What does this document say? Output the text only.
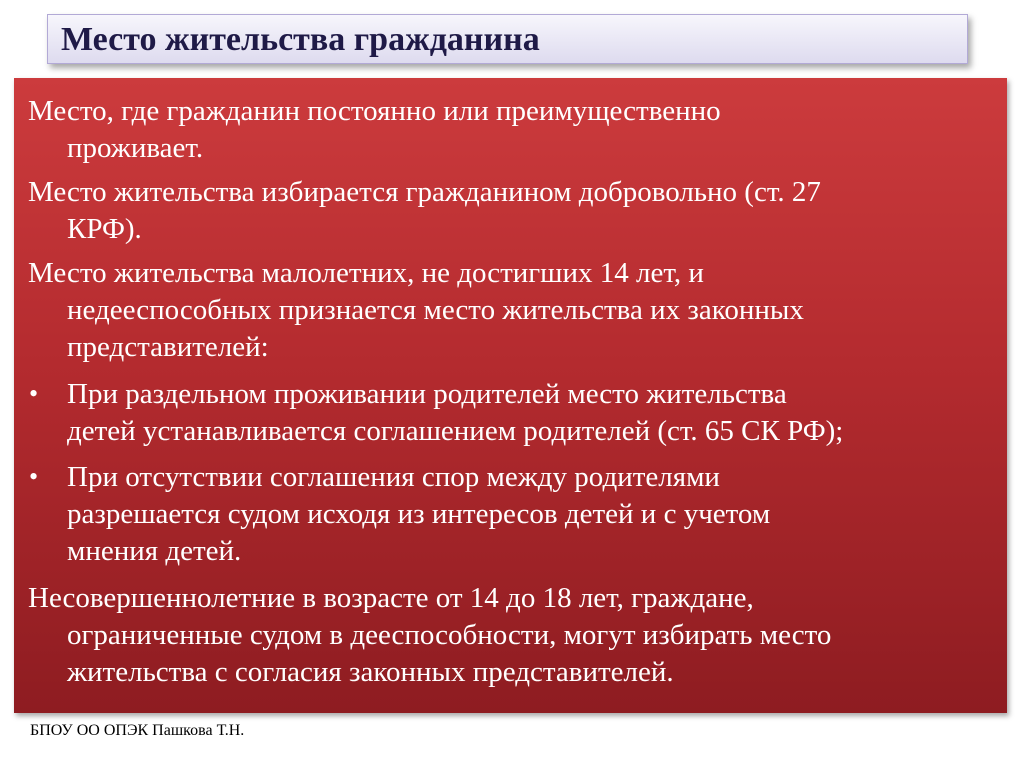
Место жительства гражданина
Место, где гражданин постоянно или преимущественно
проживает.
Место жительства избирается гражданином добровольно (ст. 27
КРФ).
Место жительства малолетних, не достигших 14 лет, и
недееспособных признается место жительства их законных
представителей:
• При раздельном проживании родителей место жительства
детей устанавливается соглашением родителей (ст. 65 СК РФ);
• При отсутствии соглашения спор между родителями
разрешается судом исходя из интересов детей и с учетом
мнения детей.
Несовершеннолетние в возрасте от 14 до 18 лет, граждане,
ограниченные судом в дееспособности, могут избирать место
жительства с согласия законных представителей.
БПОУ ОО ОПЭК Пашкова Т.Н.
